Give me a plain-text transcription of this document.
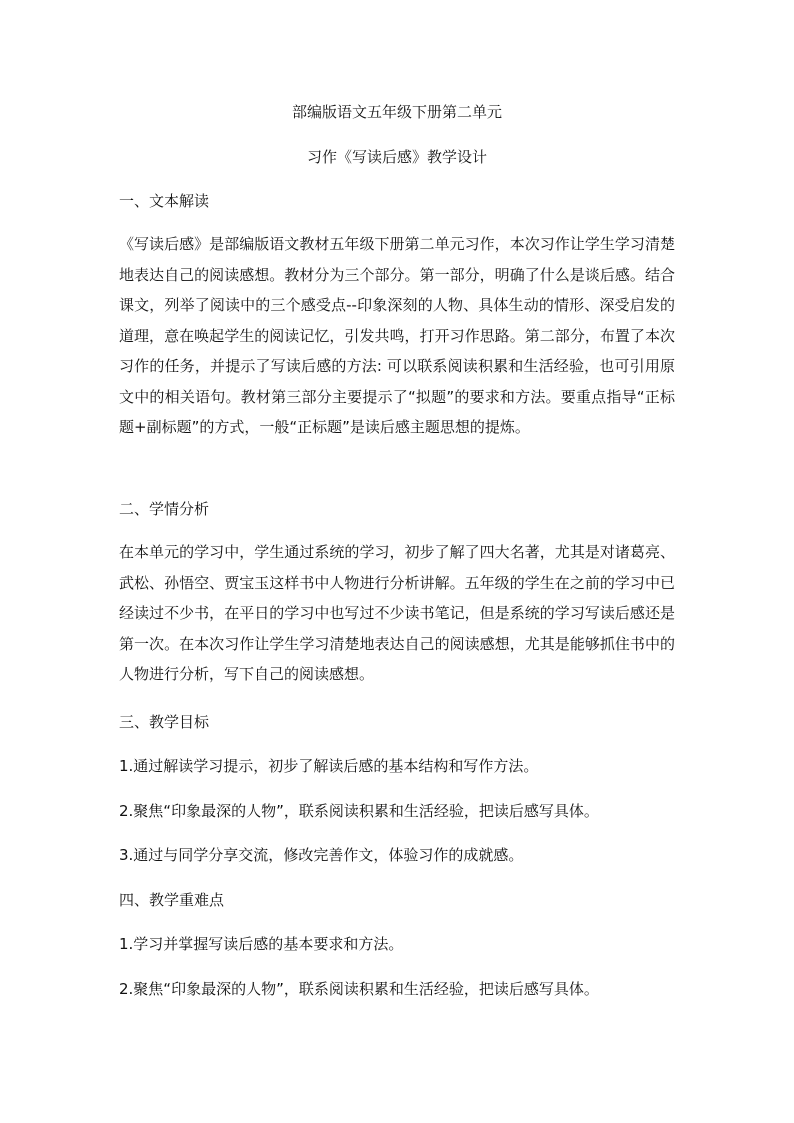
部编版语文五年级下册第二单元
习作《写读后感》教学设计
一、文本解读
《写读后感》是部编版语文教材五年级下册第二单元习作，本次习作让学生学习清楚地表达自己的阅读感想。教材分为三个部分。第一部分，明确了什么是谈后感。结合课文，列举了阅读中的三个感受点--印象深刻的人物、具体生动的情形、深受启发的道理，意在唤起学生的阅读记忆，引发共鸣，打开习作思路。第二部分，布置了本次习作的任务，并提示了写读后感的方法: 可以联系阅读积累和生活经验，也可引用原文中的相关语句。教材第三部分主要提示了“拟题”的要求和方法。要重点指导“正标题+副标题”的方式，一般“正标题”是读后感主题思想的提炼。
二、学情分析
在本单元的学习中，学生通过系统的学习，初步了解了四大名著，尤其是对诸葛亮、武松、孙悟空、贾宝玉这样书中人物进行分析讲解。五年级的学生在之前的学习中已经读过不少书，在平日的学习中也写过不少读书笔记，但是系统的学习写读后感还是第一次。在本次习作让学生学习清楚地表达自己的阅读感想，尤其是能够抓住书中的人物进行分析，写下自己的阅读感想。
三、教学目标
1.通过解读学习提示，初步了解读后感的基本结构和写作方法。
2.聚焦“印象最深的人物”，联系阅读积累和生活经验，把读后感写具体。
3.通过与同学分享交流，修改完善作文，体验习作的成就感。
四、教学重难点
1.学习并掌握写读后感的基本要求和方法。
2.聚焦“印象最深的人物”，联系阅读积累和生活经验，把读后感写具体。
